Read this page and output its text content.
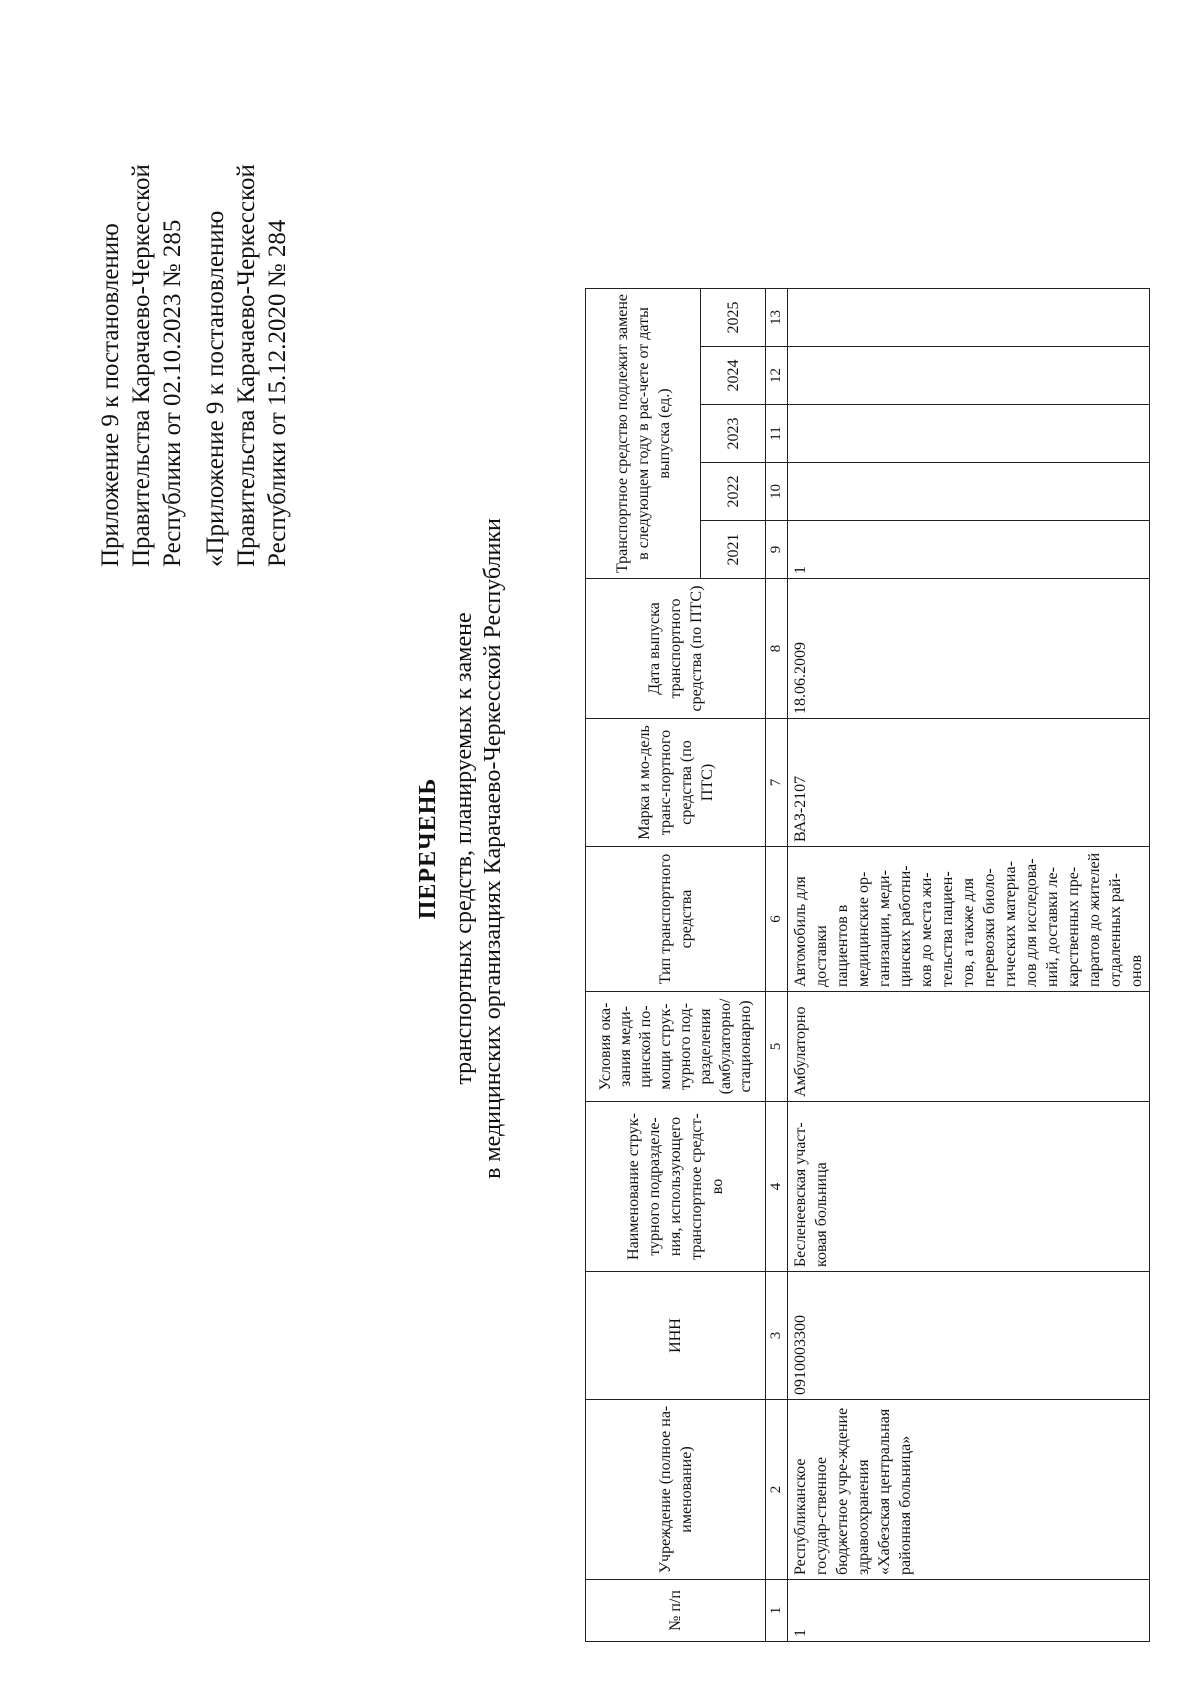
Приложение 9 к постановлению Правительства Карачаево-Черкесской Республики от 02.10.2023 № 285 «Приложение 9 к постановлению Правительства Карачаево-Черкесской Республики от 15.12.2020 № 284
ПЕРЕЧЕНЬ транспортных средств, планируемых к замене в медицинских организациях Карачаево-Черкесской Республики
№ п/п	Учреждение (полное на-именование)	ИНН	Наименование струк-турного подразделе-ния, использующего транспортное средст-во	Условия ока-зания меди-цинской по-мощи струк-турного под-разделения (амбулаторно/ стационарно)	Тип транспортного средства	Марка и мо-дель транс-портного средства (по ПТС)	Дата выпуска транспортного средства (по ПТС)	Транспортное средство подлежит замене в следующем году в рас-чете от даты выпуска (ед.)				
								2021	2022	2023	2024	2025
1	2	3	4	5	6	7	8	9	10	11	12	13
1	Республиканское государ-ственное бюджетное учре-ждение здравоохранения «Хабезская центральная районная больница»	0910003300	Бесленеевская участ-ковая больница	Амбулаторно	Автомобиль для доставки пациентов в медицинские ор-ганизации, меди-цинских работни-ков до места жи-тельства пациен-тов, а также для перевозки биоло-гических материа-лов для исследова-ний, доставки ле-карственных пре-паратов до жителей отдаленных рай-онов	ВАЗ-2107	18.06.2009	1				
